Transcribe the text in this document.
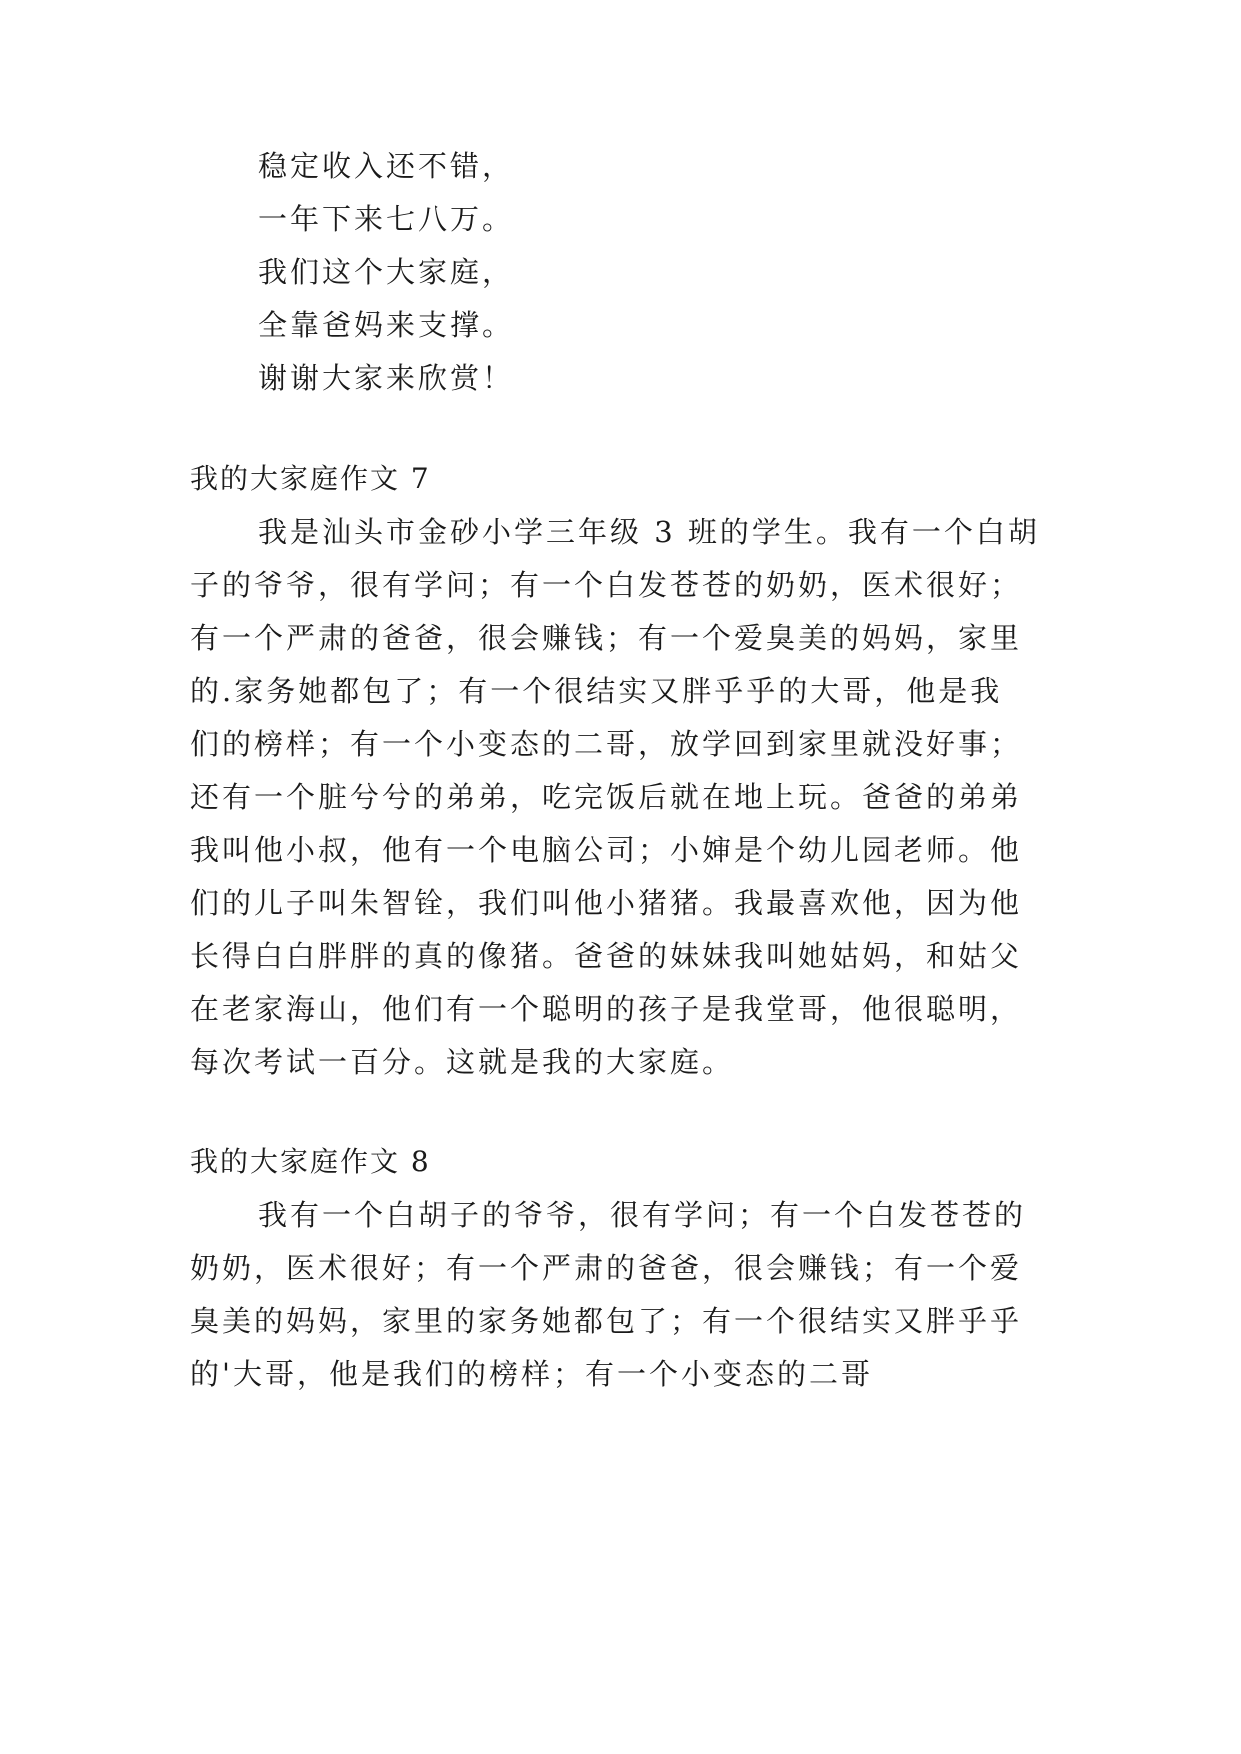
稳定收入还不错，
一年下来七八万。
我们这个大家庭，
全靠爸妈来支撑。
谢谢大家来欣赏！
我的大家庭作文 7
我是汕头市金砂小学三年级 3 班的学生。我有一个白胡
子的爷爷，很有学问；有一个白发苍苍的奶奶，医术很好；
有一个严肃的爸爸，很会赚钱；有一个爱臭美的妈妈，家里
的.家务她都包了；有一个很结实又胖乎乎的大哥，他是我
们的榜样；有一个小变态的二哥，放学回到家里就没好事；
还有一个脏兮兮的弟弟，吃完饭后就在地上玩。爸爸的弟弟
我叫他小叔，他有一个电脑公司；小婶是个幼儿园老师。他
们的儿子叫朱智铨，我们叫他小猪猪。我最喜欢他，因为他
长得白白胖胖的真的像猪。爸爸的妹妹我叫她姑妈，和姑父
在老家海山，他们有一个聪明的孩子是我堂哥，他很聪明，
每次考试一百分。这就是我的大家庭。
我的大家庭作文 8
我有一个白胡子的爷爷，很有学问；有一个白发苍苍的
奶奶，医术很好；有一个严肃的爸爸，很会赚钱；有一个爱
臭美的妈妈，家里的家务她都包了；有一个很结实又胖乎乎
的'大哥，他是我们的榜样；有一个小变态的二哥
